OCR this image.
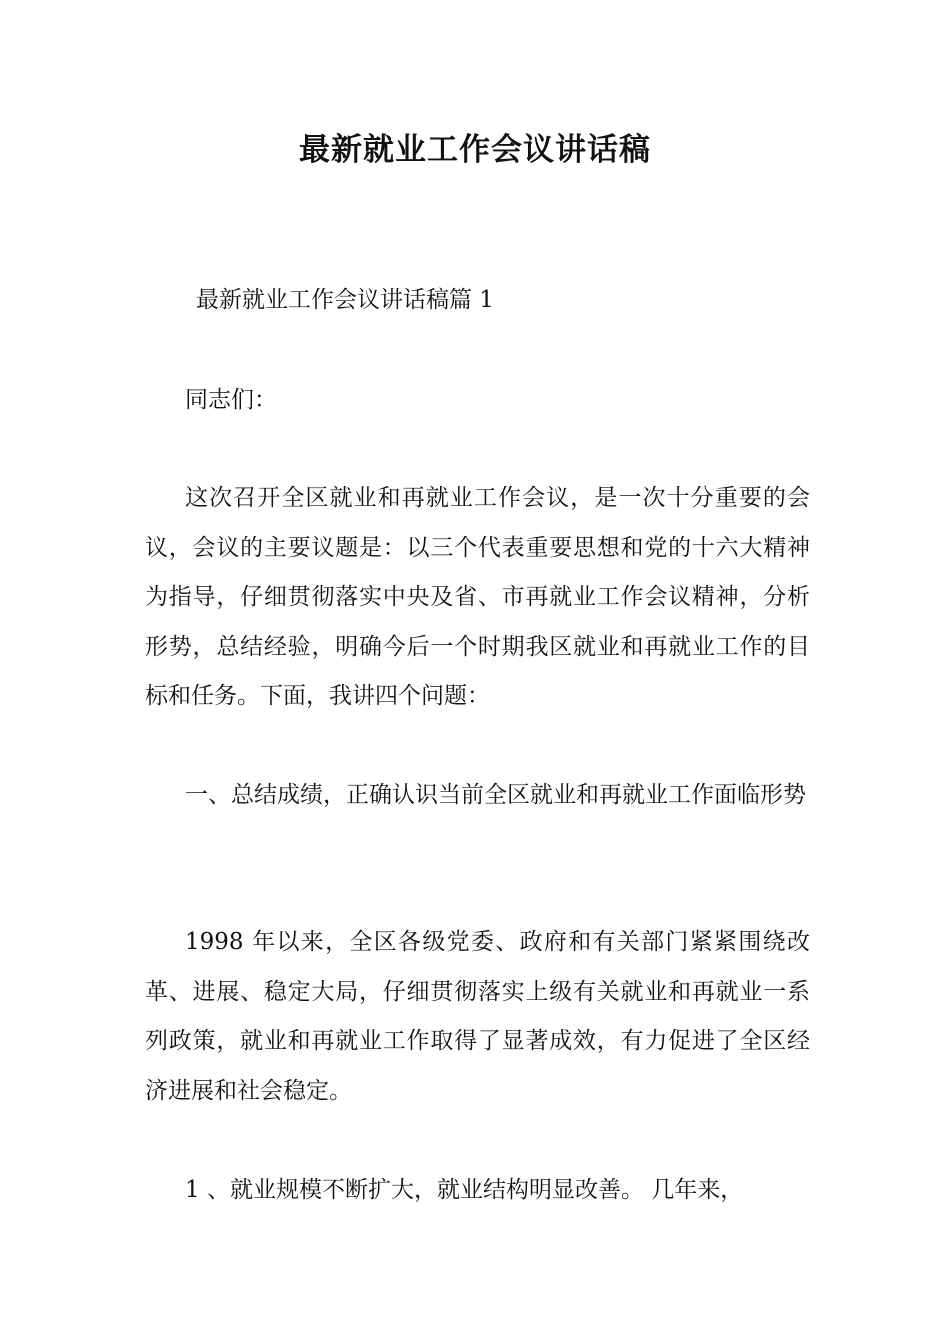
最新就业工作会议讲话稿
最新就业工作会议讲话稿篇 1

同志们：

这次召开全区就业和再就业工作会议，是一次十分重要的会议，会议的主要议题是：以三个代表重要思想和党的十六大精神为指导，仔细贯彻落实中央及省、市再就业工作会议精神，分析形势，总结经验，明确今后一个时期我区就业和再就业工作的目标和任务。下面，我讲四个问题：

一、总结成绩，正确认识当前全区就业和再就业工作面临形势

1998 年以来，全区各级党委、政府和有关部门紧紧围绕改革、进展、稳定大局，仔细贯彻落实上级有关就业和再就业一系列政策，就业和再就业工作取得了显著成效，有力促进了全区经济进展和社会稳定。

1 、就业规模不断扩大，就业结构明显改善。 几年来，
